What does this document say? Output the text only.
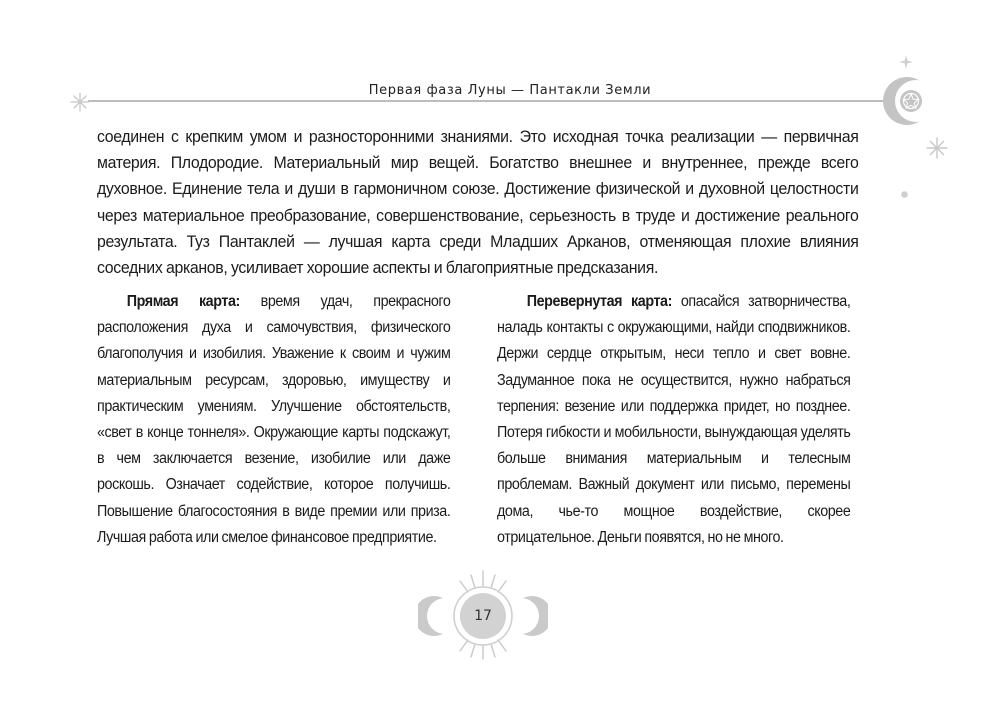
Первая фаза Луны — Пантакли Земли

соединен с крепким умом и разносторонними знаниями. Это исходная точка реализации — первичная материя. Плодородие. Материальный мир вещей. Богатство внешнее и внутреннее, прежде всего духовное. Единение тела и души в гармоничном союзе. Достижение физической и духовной целостности через материальное преобразование, совершенствование, серьезность в труде и достижение реального результата. Туз Пантаклей — лучшая карта среди Младших Арканов, отменяющая плохие влияния соседних арканов, усиливает хорошие аспекты и благоприятные предсказания.

Прямая карта: время удач, прекрасного расположения духа и самочувствия, физического благополучия и изобилия. Уважение к своим и чужим материальным ресурсам, здоровью, имуществу и практическим умениям. Улучшение обстоятельств, «свет в конце тоннеля». Окружающие карты подскажут, в чем заключается везение, изобилие или даже роскошь. Означает содействие, которое получишь. Повышение благосостояния в виде премии или приза. Лучшая работа или смелое финансовое предприятие.

Перевернутая карта: опасайся затворничества, наладь контакты с окружающими, найди сподвижников. Держи сердце открытым, неси тепло и свет вовне. Задуманное пока не осуществится, нужно набраться терпения: везение или поддержка придет, но позднее. Потеря гибкости и мобильности, вынуждающая уделять больше внимания материальным и телесным проблемам. Важный документ или письмо, перемены дома, чье-то мощное воздействие, скорее отрицательное. Деньги появятся, но не много.

17
